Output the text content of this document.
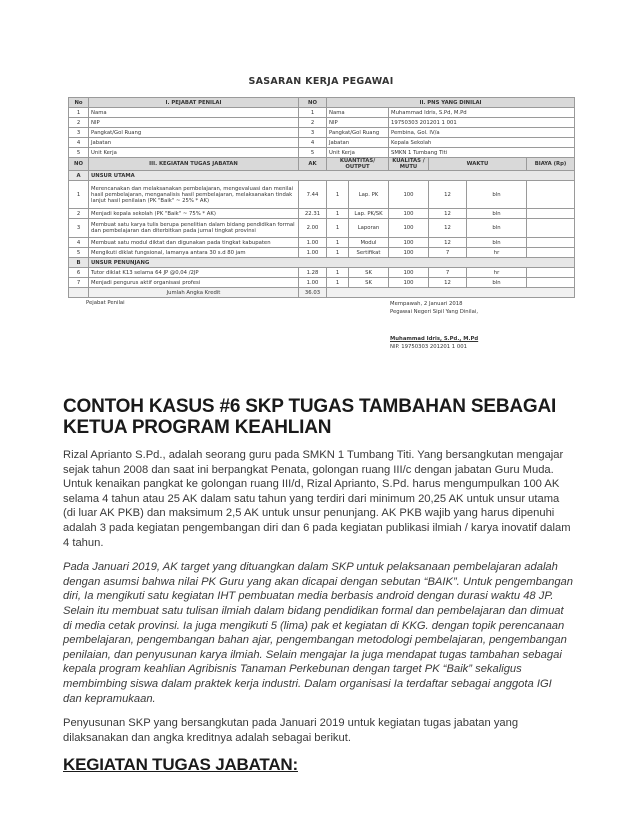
SASARAN KERJA PEGAWAI
No	I. PEJABAT PENILAI	NO	II. PNS YANG DINILAI					
1	Nama	1	Nama		Muhammad Idris, S.Pd, M.Pd			
2	NIP	2	NIP		19750303 201201 1 001			
3	Pangkat/Gol Ruang	3	Pangkat/Gol Ruang		Pembina, Gol. IV/a			
4	Jabatan	4	Jabatan		Kepala Sekolah			
5	Unit Kerja	5	Unit Kerja		SMKN 1 Tumbang Titi			
NO	III. KEGIATAN TUGAS JABATAN	AK	KUANTITAS/ OUTPUT		KUALITAS / MUTU	WAKTU		BIAYA (Rp)
A	UNSUR UTAMA							
1	Merencanakan dan melaksanakan pembelajaran, mengevaluasi dan menilai hasil pembelajaran, menganalisis hasil pembelajaran, melaksanakan tindak lanjut hasil penilaian (PK "Baik" ~ 25% * AK)	7.44	1	Lap. PK	100	12	bln	
2	Menjadi kepala sekolah (PK "Baik" ~ 75% * AK)	22.31	1	Lap. PK/SK	100	12	bln	
3	Membuat satu karya tulis berupa penelitian dalam bidang pendidikan formal dan pembelajaran dan diterbitkan pada jurnal tingkat provinsi	2.00	1	Laporan	100	12	bln	
4	Membuat satu modul diktat dan digunakan pada tingkat kabupaten	1.00	1	Modul	100	12	bln	
5	Mengikuti diklat fungsional, lamanya antara 30 s.d 80 jam	1.00	1	Sertifikat	100	7	hr	
B	UNSUR PENUNJANG							
6	Tutor diklat K13 selama 64 JP @0,04 /2JP	1.28	1	SK	100	7	hr	
7	Menjadi pengurus aktif organisasi profesi	1.00	1	SK	100	12	bln	
	Jumlah Angka Kredit	36.03						
Pejabat Penilai	Mempawah, 2 Januari 2018
Pegawai Negeri Sipil Yang Dinilai,
Muhammad Idris, S.Pd., M.Pd
NIP. 19750303 201201 1 001
CONTOH KASUS #6 SKP TUGAS TAMBAHAN SEBAGAI KETUA PROGRAM KEAHLIAN

Rizal Aprianto S.Pd., adalah seorang guru pada SMKN 1 Tumbang Titi. Yang bersangkutan mengajar sejak tahun 2008 dan saat ini berpangkat Penata, golongan ruang III/c dengan jabatan Guru Muda. Untuk kenaikan pangkat ke golongan ruang III/d, Rizal Aprianto, S.Pd. harus mengumpulkan 100 AK selama 4 tahun atau 25 AK dalam satu tahun yang terdiri dari minimum 20,25 AK untuk unsur utama (di luar AK PKB) dan maksimum 2,5 AK untuk unsur penunjang. AK PKB wajib yang harus dipenuhi adalah 3 pada kegiatan pengembangan diri dan 6 pada kegiatan publikasi ilmiah / karya inovatif dalam 4 tahun.

Pada Januari 2019, AK target yang dituangkan dalam SKP untuk pelaksanaan pembelajaran adalah dengan asumsi bahwa nilai PK Guru yang akan dicapai dengan sebutan “BAIK”. Untuk pengembangan diri, Ia mengikuti satu kegiatan IHT pembuatan media berbasis android dengan durasi waktu 48 JP. Selain itu membuat satu tulisan ilmiah dalam bidang pendidikan formal dan pembelajaran dan dimuat di media cetak provinsi. Ia juga mengikuti 5 (lima) pak et kegiatan di KKG. dengan topik perencanaan pembelajaran, pengembangan bahan ajar, pengembangan metodologi pembelajaran, pengembangan penilaian, dan penyusunan karya ilmiah. Selain mengajar Ia juga mendapat tugas tambahan sebagai kepala program keahlian Agribisnis Tanaman Perkebunan dengan target PK “Baik” sekaligus membimbing siswa dalam praktek kerja industri. Dalam organisasi Ia terdaftar sebagai anggota IGI dan kepramukaan.

Penyusunan SKP yang bersangkutan pada Januari 2019 untuk kegiatan tugas jabatan yang dilaksanakan dan angka kreditnya adalah sebagai berikut.

KEGIATAN TUGAS JABATAN:
